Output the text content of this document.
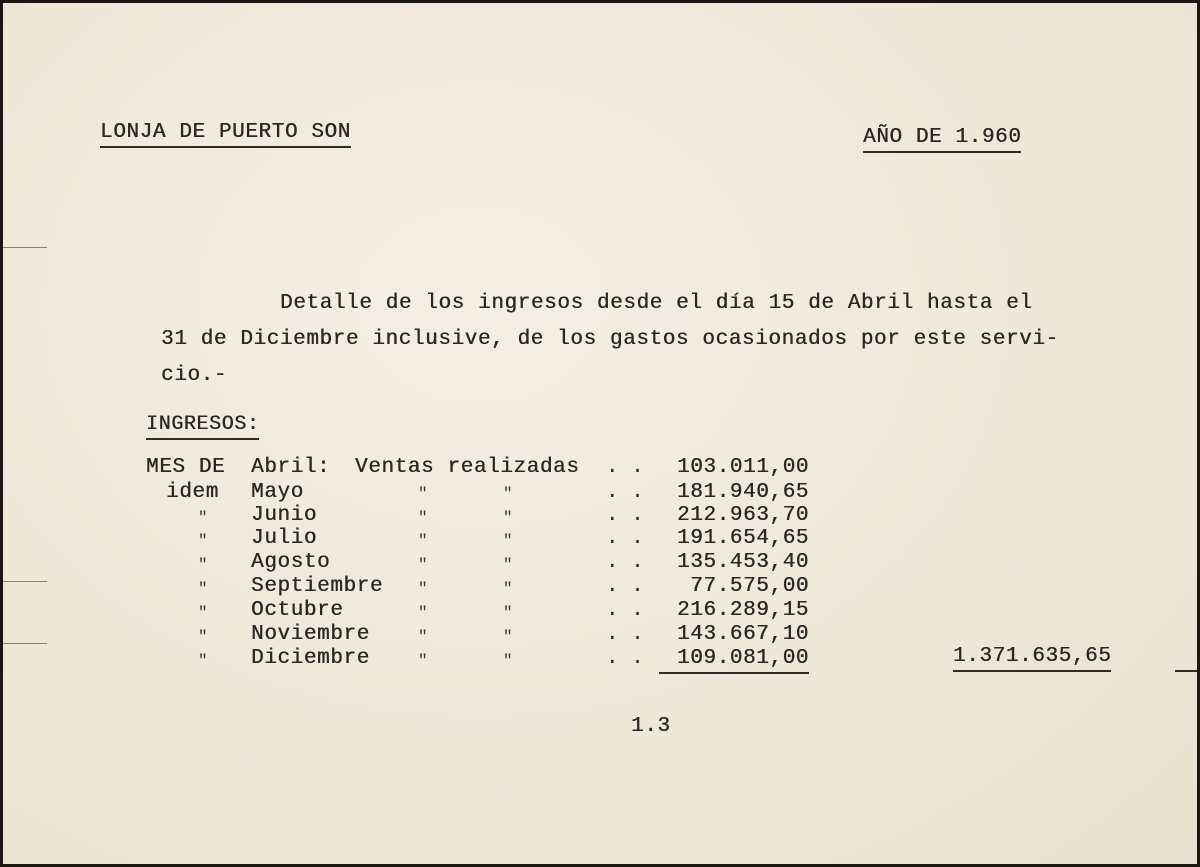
LONJA DE PUERTO SON	AÑO DE 1.960
Detalle de los ingresos desde el día 15 de Abril hasta el
31 de Diciembre inclusive, de los gastos ocasionados por este servi-
cio.-
INGRESOS:
MES DE Abril: Ventas realizadas . .	103.011,00
idem Mayo	"	"	. .	181.940,65
" Junio	"	"	. .	212.963,70
" Julio	"	"	. .	191.654,65
" Agosto	"	"	. .	135.453,40
" Septiembre "	"	. .	77.575,00
" Octubre	"	"	. .	216.289,15
" Noviembre	"	"	. .	143.667,10
" Diciembre	"	"	. .	109.081,00	1.371.635,65
1.3
